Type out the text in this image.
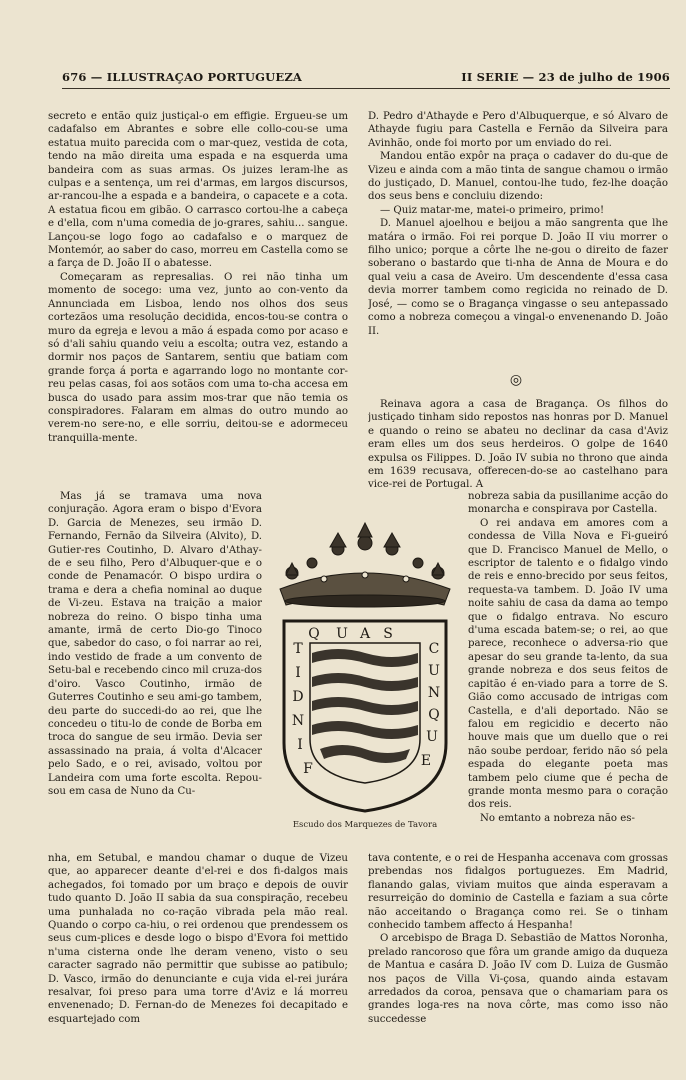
676 — ILLUSTRAÇAO PORTUGUEZA	II SERIE — 23 de julho de 1906

secreto e então quiz justiçal-o em effigie. Ergueu-se um cadafalso em Abrantes e sobre elle collo-cou-se uma estatua muito parecida com o mar-quez, vestida de cota, tendo na mão direita uma espada e na esquerda uma bandeira com as suas armas. Os juizes leram-lhe as culpas e a sentença, um rei d'armas, em largos discursos, ar-rancou-lhe a espada e a bandeira, o capacete e a cota. A estatua ficou em gibão. O carrasco cortou-lhe a cabeça e d'ella, com n'uma comedia de jo-grares, sahiu... sangue. Lançou-se logo fogo ao cadafalso e o marquez de Montemór, ao saber do caso, morreu em Castella como se a farça de D. João II o abatesse.

Começaram as represalias. O rei não tinha um momento de socego: uma vez, junto ao con-vento da Annunciada em Lisboa, lendo nos olhos dos seus cortezãos uma resolução decidida, encos-tou-se contra o muro da egreja e levou a mão á espada como por acaso e só d'ali sahiu quando veiu a escolta; outra vez, estando a dormir nos paços de Santarem, sentiu que batiam com grande força á porta e agarrando logo no montante cor-reu pelas casas, foi aos sotãos com uma to-cha accesa em busca do usado para assim mos-trar que não temia os conspiradores. Falaram em almas do outro mundo ao verem-no sere-no, e elle sorriu, deitou-se e adormeceu tranquilla-mente.

Mas já se tramava uma nova conjuração. Agora eram o bispo d'Evora D. Garcia de Menezes, seu irmão D. Fernando, Fernão da Silveira (Alvito), D. Gutier-res Coutinho, D. Alvaro d'Athay-de e seu filho, Pero d'Albuquer-que e o conde de Penamacór. O bispo urdira o trama e dera a chefia nominal ao duque de Vi-zeu. Estava na traição a maior nobreza do reino. O bispo tinha uma amante, irmã de certo Dio-go Tinoco que, sabedor do caso, o foi narrar ao rei, indo vestido de frade a um convento de Setu-bal e recebendo cinco mil cruza-dos d'oiro. Vasco Coutinho, irmão de Guterres Coutinho e seu ami-go tambem, deu parte do succedi-do ao rei, que lhe concedeu o titu-lo de conde de Borba em troca do sangue de seu irmão. Devia ser assassinado na praia, á volta d'Alcacer pelo Sado, e o rei, avisado, voltou por Landeira com uma forte escolta. Repou-sou em casa de Nuno da Cu-

nha, em Setubal, e mandou chamar o duque de Vizeu que, ao apparecer deante d'el-rei e dos fi-dalgos mais achegados, foi tomado por um braço e depois de ouvir tudo quanto D. João II sabia da sua conspiração, recebeu uma punhalada no co-ração vibrada pela mão real. Quando o corpo ca-hiu, o rei ordenou que prendessem os seus cum-plices e desde logo o bispo d'Evora foi mettido n'uma cisterna onde lhe deram veneno, visto o seu caracter sagrado não permittir que subisse ao patibulo; D. Vasco, irmão do denunciante e cuja vida el-rei jurára resalvar, foi preso para uma torre d'Aviz e lá morreu envenenado; D. Fernan-do de Menezes foi decapitado e esquartejado com

D. Pedro d'Athayde e Pero d'Albuquerque, e só Alvaro de Athayde fugiu para Castella e Fernão da Silveira para Avinhão, onde foi morto por um enviado do rei.

Mandou então expôr na praça o cadaver do du-que de Vizeu e ainda com a mão tinta de sangue chamou o irmão do justiçado, D. Manuel, contou-lhe tudo, fez-lhe doação dos seus bens e concluiu dizendo:

— Quiz matar-me, matei-o primeiro, primo!

D. Manuel ajoelhou e beijou a mão sangrenta que lhe matára o irmão. Foi rei porque D. João II viu morrer o filho unico; porque a côrte lhe ne-gou o direito de fazer soberano o bastardo que ti-nha de Anna de Moura e do qual veiu a casa de Aveiro. Um descendente d'essa casa devia morrer tambem como regicida no reinado de D. José, — como se o Bragança vingasse o seu antepassado como a nobreza começou a vingal-o envenenando D. João II.

◎

Reinava agora a casa de Bragança. Os filhos do justiçado tinham sido repostos nas honras por D. Manuel e quando o reino se abateu no declinar da casa d'Aviz eram elles um dos seus herdeiros. O golpe de 1640 expulsa os Filippes. D. João IV subia no throno que ainda em 1639 recusava, offerecen-do-se ao castelhano para vice-rei de Portugal. A

nobreza sabia da pusillanime acção do monarcha e conspirava por Castella.

O rei andava em amores com a condessa de Villa Nova e Fi-gueiró que D. Francisco Manuel de Mello, o escriptor de talento e o fidalgo vindo de reis e enno-brecido por seus feitos, requesta-va tambem. D. João IV uma noite sahiu de casa da dama ao tempo que o fidalgo entrava. No escuro d'uma escada batem-se; o rei, ao que parece, reconhece o adversa-rio que apesar do seu grande ta-lento, da sua grande nobreza e dos seus feitos de capitão é en-viado para a torre de S. Gião como accusado de intrigas com Castella, e d'ali deportado. Não se falou em regicidio e decerto não houve mais que um duello que o rei não soube perdoar, ferido não só pela espada do elegante poeta mas tambem pelo ciume que é pecha de grande monta mesmo para o coração dos reis.

No emtanto a nobreza não es-

tava contente, e o rei de Hespanha accenava com grossas prebendas nos fidalgos portuguezes. Em Madrid, flanando galas, viviam muitos que ainda esperavam a resurreição do dominio de Castella e faziam a sua côrte não acceitando o Bragança como rei. Se o tinham conhecido tambem affecto á Hespanha!

O arcebispo de Braga D. Sebastião de Mattos Noronha, prelado rancoroso que fôra um grande amigo da duqueza de Mantua e casára D. João IV com D. Luiza de Gusmão nos paços de Villa Vi-çosa, quando ainda estavam arredados da coroa, pensava que o chamariam para os grandes loga-res na nova côrte, mas como isso não succedesse

Q U A S
C
U
N
Q
U
E
T
I
D
N
I
F
Escudo dos Marquezes de Tavora
